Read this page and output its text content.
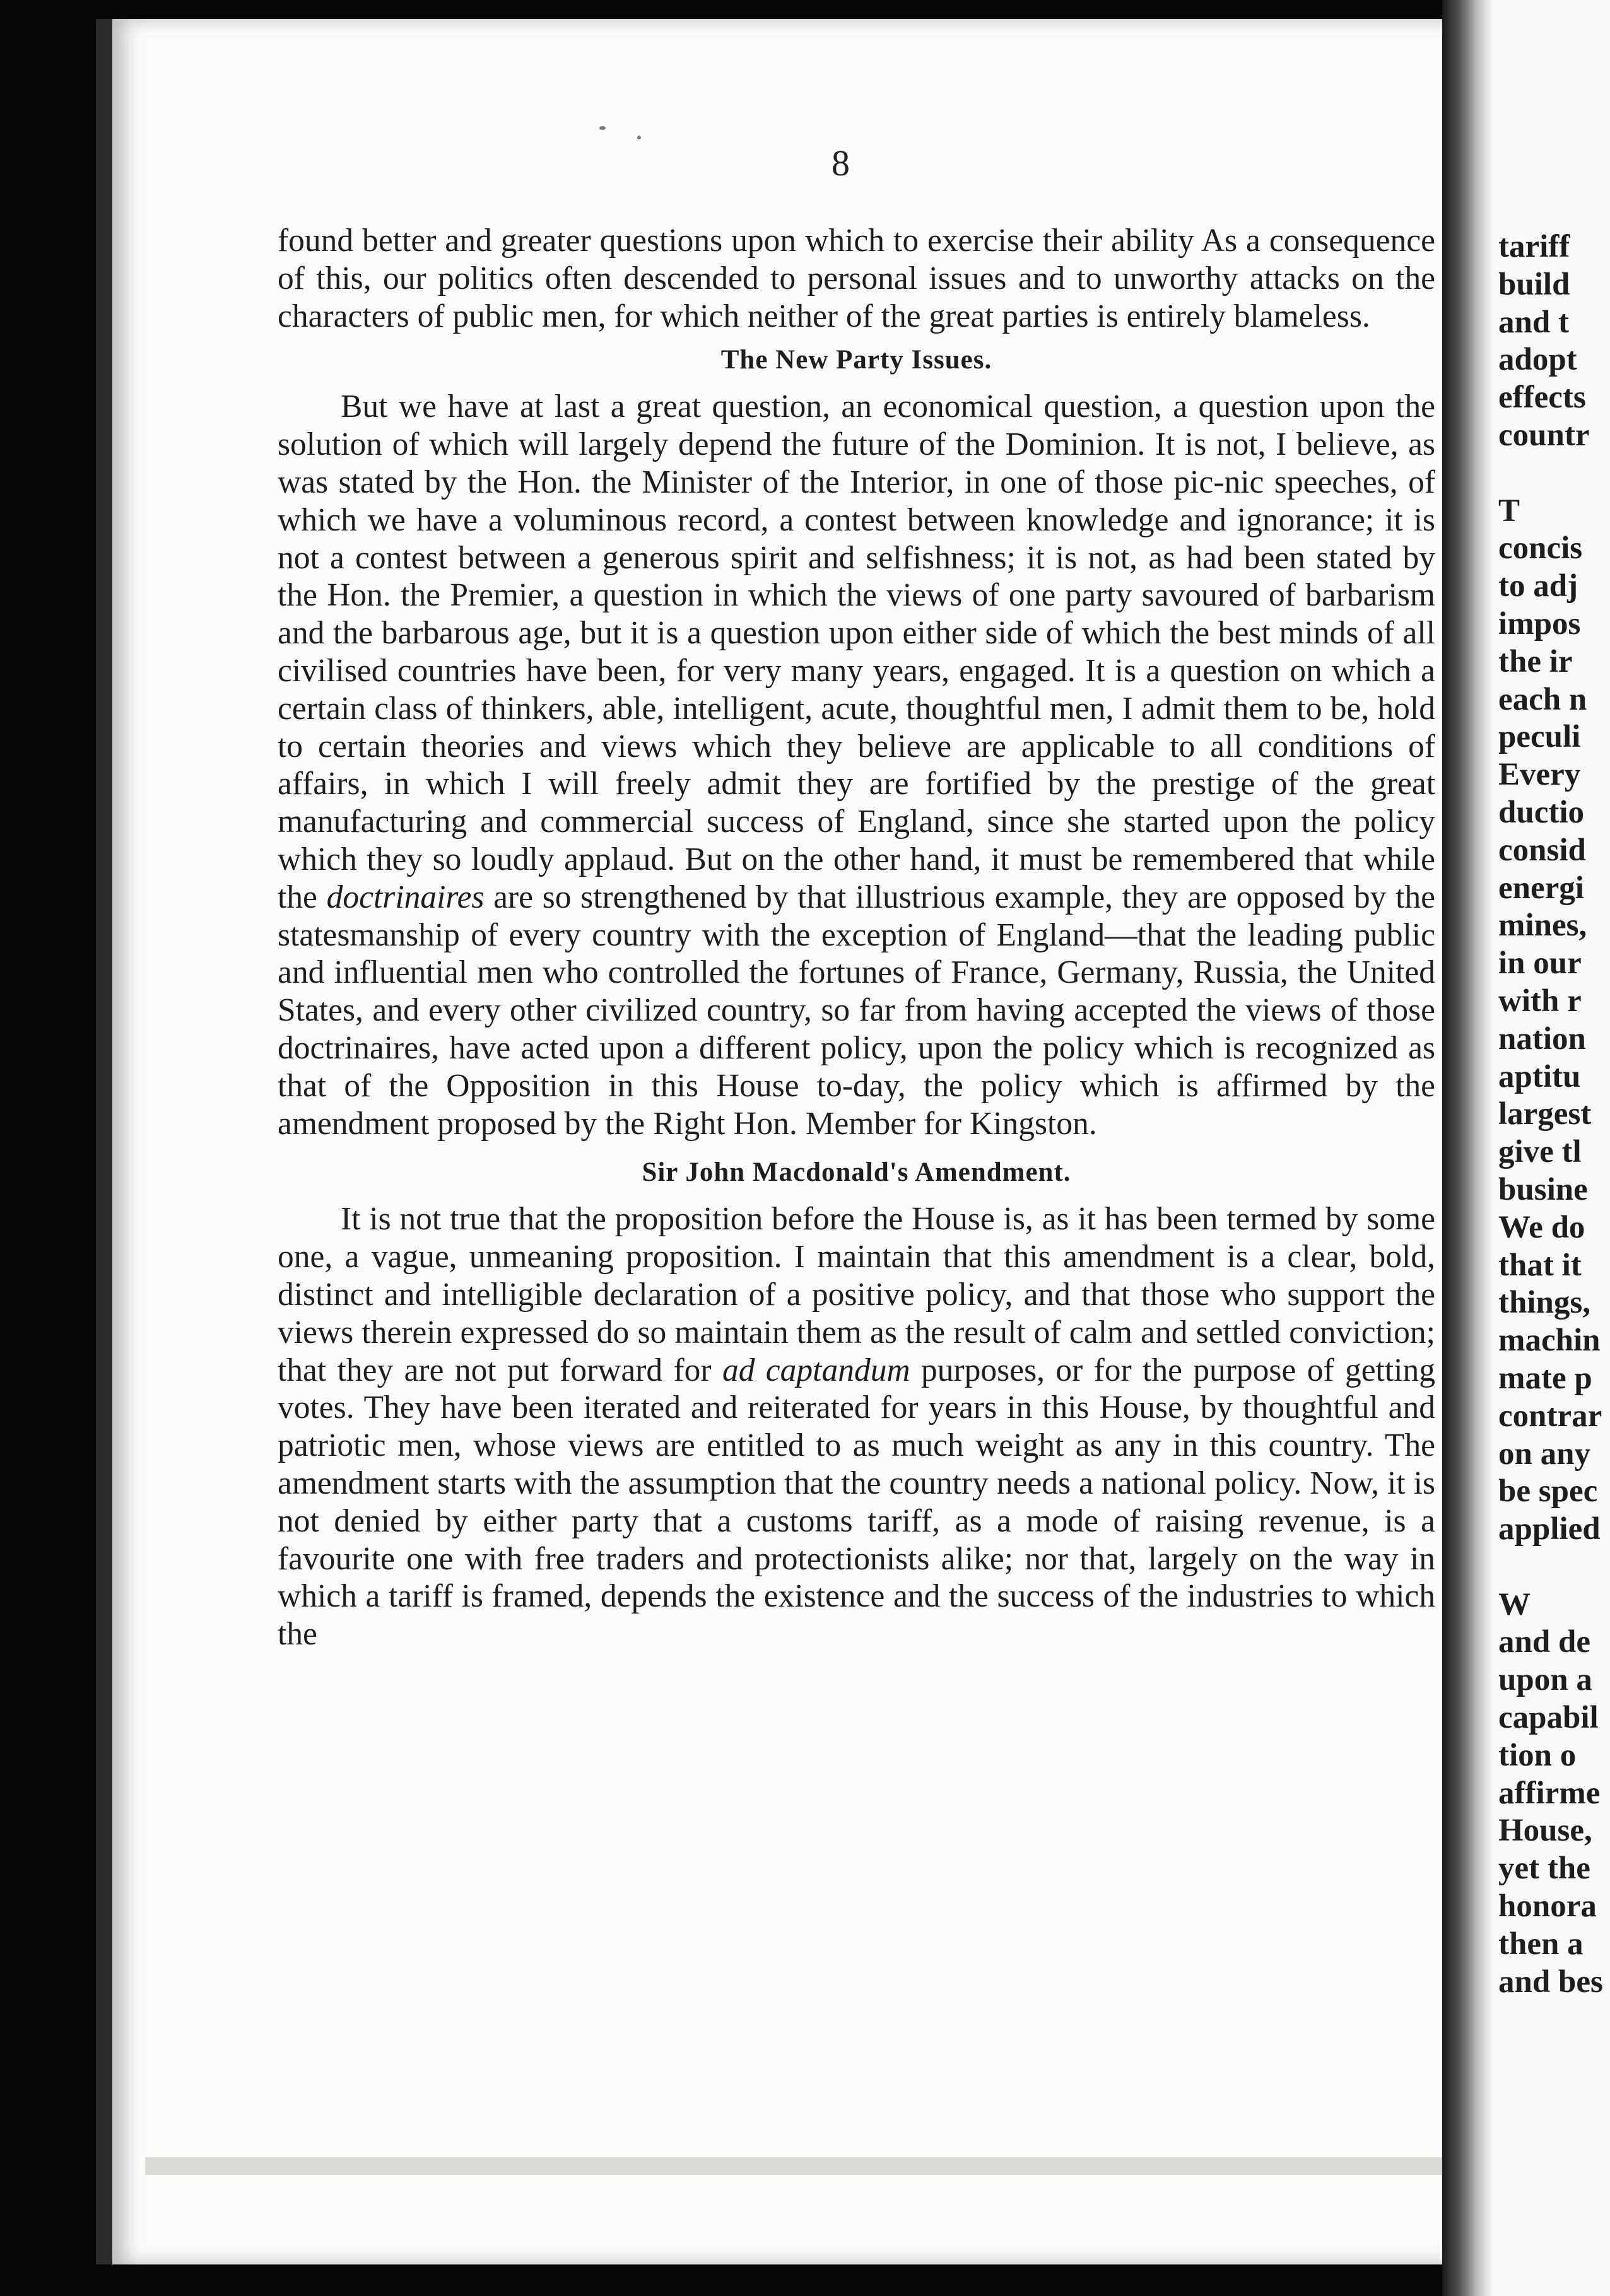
8

found better and greater questions upon which to exercise their ability As a consequence of this, our politics often descended to personal issues and to unworthy attacks on the characters of public men, for which neither of the great parties is entirely blameless.

The New Party Issues.

But we have at last a great question, an economical question, a question upon the solution of which will largely depend the future of the Dominion. It is not, I believe, as was stated by the Hon. the Minister of the Interior, in one of those pic-nic speeches, of which we have a voluminous record, a contest between knowledge and ignorance; it is not a contest between a generous spirit and selfishness; it is not, as had been stated by the Hon. the Premier, a question in which the views of one party savoured of barbarism and the barbarous age, but it is a question upon either side of which the best minds of all civilised countries have been, for very many years, engaged. It is a question on which a certain class of thinkers, able, intelligent, acute, thoughtful men, I admit them to be, hold to certain theories and views which they believe are applicable to all conditions of affairs, in which I will freely admit they are fortified by the prestige of the great manufacturing and commercial success of England, since she started upon the policy which they so loudly applaud. But on the other hand, it must be remembered that while the doctrinaires are so strengthened by that illustrious example, they are opposed by the statesmanship of every country with the exception of England—that the leading public and influential men who controlled the fortunes of France, Germany, Russia, the United States, and every other civilized country, so far from having accepted the views of those doctrinaires, have acted upon a different policy, upon the policy which is recognized as that of the Opposition in this House to-day, the policy which is affirmed by the amendment proposed by the Right Hon. Member for Kingston.

Sir John Macdonald's Amendment.

It is not true that the proposition before the House is, as it has been termed by some one, a vague, unmeaning proposition. I maintain that this amendment is a clear, bold, distinct and intelligible declaration of a positive policy, and that those who support the views therein expressed do so maintain them as the result of calm and settled conviction; that they are not put forward for ad captandum purposes, or for the purpose of getting votes. They have been iterated and reiterated for years in this House, by thoughtful and patriotic men, whose views are entitled to as much weight as any in this country. The amendment starts with the assumption that the country needs a national policy. Now, it is not denied by either party that a customs tariff, as a mode of raising revenue, is a favourite one with free traders and protectionists alike; nor that, largely on the way in which a tariff is framed, depends the existence and the success of the industries to which the

tariff
build
and t
adopt
effects
countr

T
concis
to adj
impos
the ir
each n
peculi
Every
ductio
consid
energi
mines,
in our
with r
nation
aptitu
largest
give tl
busine
We do
that it
things,
machin
mate p
contrar
on any
be spec
applied

W
and de
upon a
capabil
tion o
affirme
House,
yet the
honora
then a
and bes
